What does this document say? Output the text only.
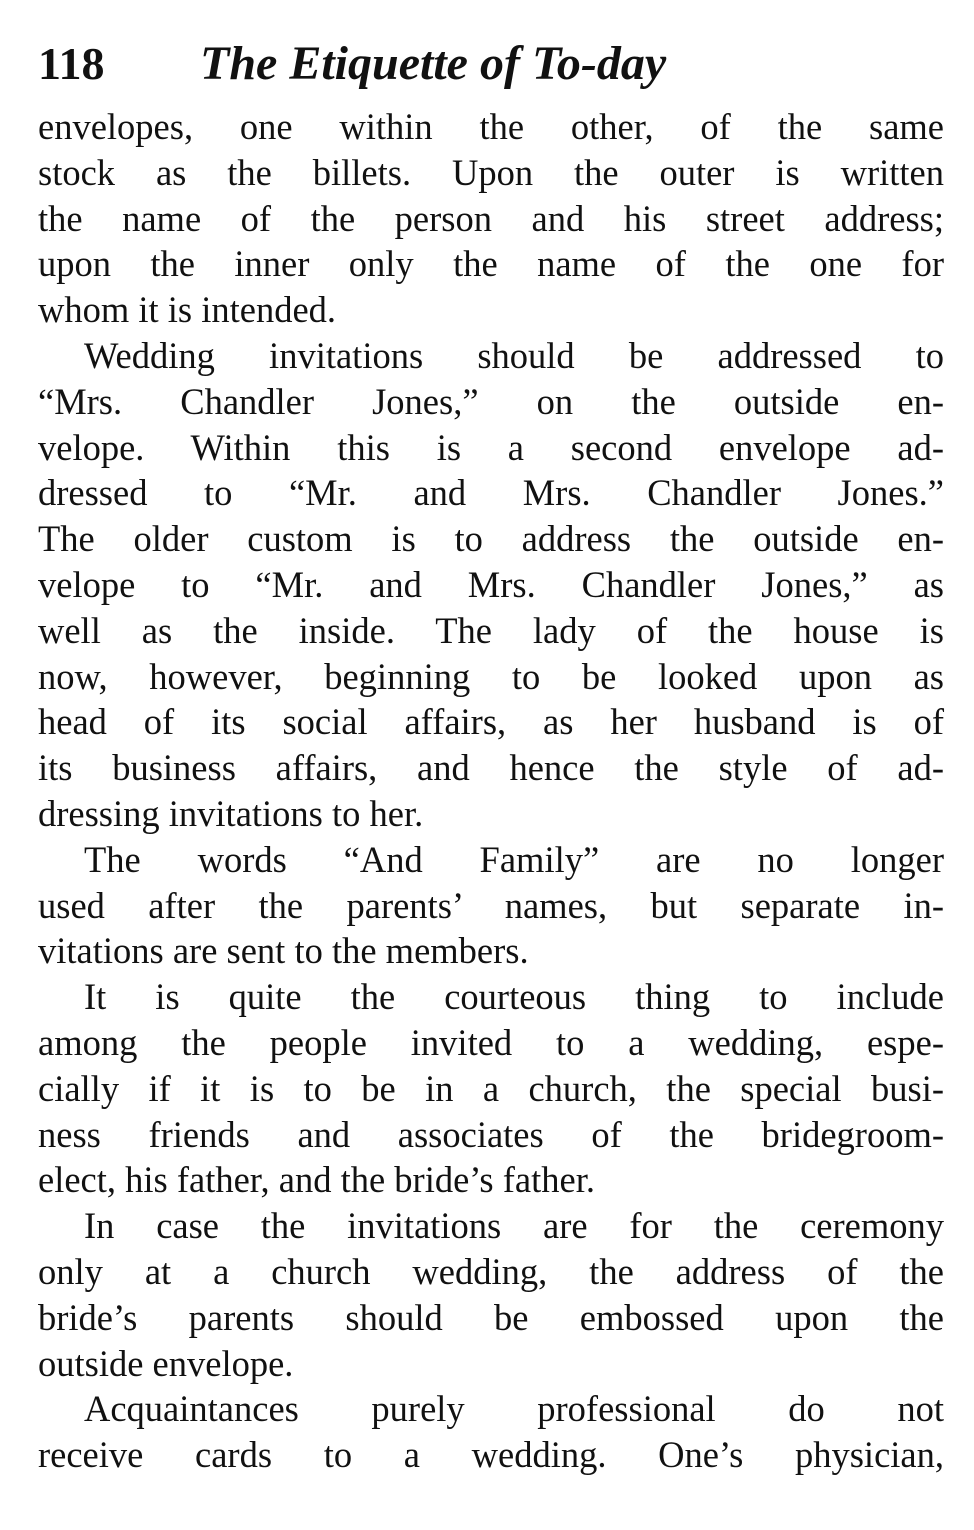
118	The Etiquette of To-day
envelopes, one within the other, of the same
stock as the billets. Upon the outer is written
the name of the person and his street address;
upon the inner only the name of the one for
whom it is intended.
Wedding invitations should be addressed to
“Mrs. Chandler Jones,” on the outside en-
velope. Within this is a second envelope ad-
dressed to “Mr. and Mrs. Chandler Jones.”
The older custom is to address the outside en-
velope to “Mr. and Mrs. Chandler Jones,” as
well as the inside. The lady of the house is
now, however, beginning to be looked upon as
head of its social affairs, as her husband is of
its business affairs, and hence the style of ad-
dressing invitations to her.
The words “And Family” are no longer
used after the parents’ names, but separate in-
vitations are sent to the members.
It is quite the courteous thing to include
among the people invited to a wedding, espe-
cially if it is to be in a church, the special busi-
ness friends and associates of the bridegroom-
elect, his father, and the bride’s father.
In case the invitations are for the ceremony
only at a church wedding, the address of the
bride’s parents should be embossed upon the
outside envelope.
Acquaintances purely professional do not
receive cards to a wedding. One’s physician,
